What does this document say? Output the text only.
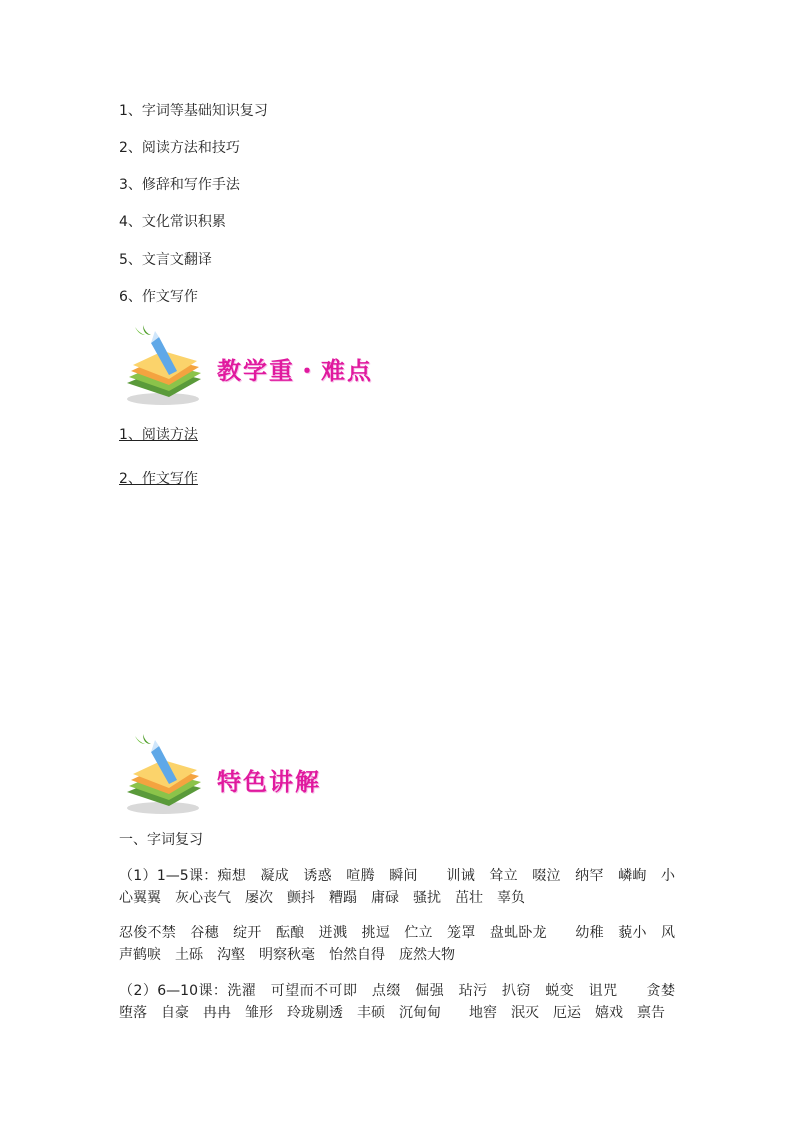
1、字词等基础知识复习

2、阅读方法和技巧

3、修辞和写作手法

4、文化常识积累

5、文言文翻译

6、作文写作

教学重・难点

1、阅读方法

2、作文写作

特色讲解

一、字词复习

（1）1—5课：痴想　凝成　诱惑　喧腾　瞬间　　训诫　耸立　啜泣　纳罕　嶙峋　小心翼翼　灰心丧气　屡次　颤抖　糟蹋　庸碌　骚扰　茁壮　辜负

忍俊不禁　谷穗　绽开　酝酿　迸溅　挑逗　伫立　笼罩　盘虬卧龙　　幼稚　藐小　风声鹤唳　土砾　沟壑　明察秋毫　怡然自得　庞然大物

（2）6—10课：洗濯　可望而不可即　点缀　倔强　玷污　扒窃　蜕变　诅咒　　贪婪　堕落　自豪　冉冉　雏形　玲珑剔透　丰硕　沉甸甸　　地窖　泯灭　厄运　嬉戏　禀告
